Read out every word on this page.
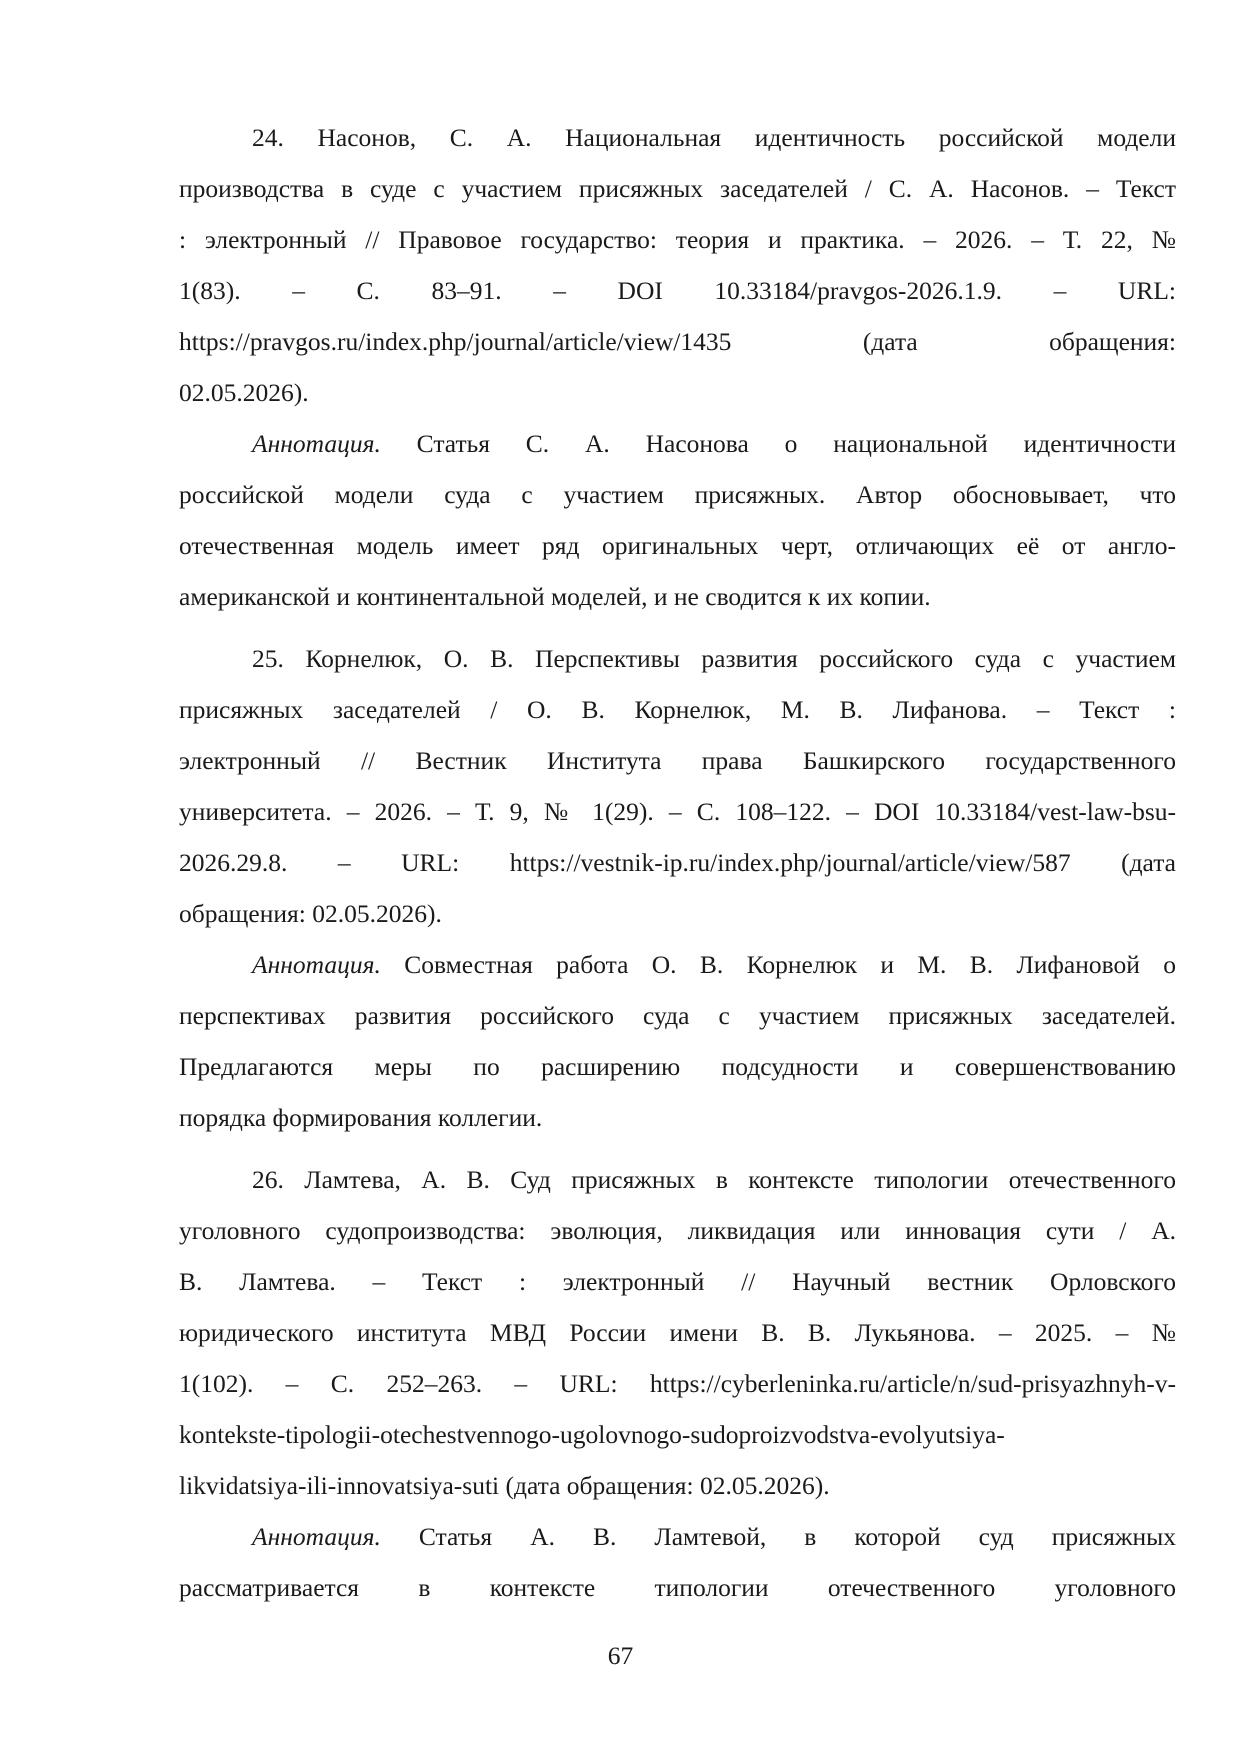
24. Насонов, С. А. Национальная идентичность российской модели
производства в суде с участием присяжных заседателей / С. А. Насонов. – Текст
: электронный // Правовое государство: теория и практика. – 2026. – Т. 22, №
1(83). – С. 83–91. – DOI 10.33184/pravgos-2026.1.9. – URL:
https://pravgos.ru/index.php/journal/article/view/1435 (дата обращения:
02.05.2026).

Аннотация. Статья С. А. Насонова о национальной идентичности
российской модели суда с участием присяжных. Автор обосновывает, что
отечественная модель имеет ряд оригинальных черт, отличающих её от англо-
американской и континентальной моделей, и не сводится к их копии.

25. Корнелюк, О. В. Перспективы развития российского суда с участием
присяжных заседателей / О. В. Корнелюк, М. В. Лифанова. – Текст :
электронный // Вестник Института права Башкирского государственного
университета. – 2026. – Т. 9, № 1(29). – С. 108–122. – DOI 10.33184/vest-law-bsu-
2026.29.8. – URL: https://vestnik-ip.ru/index.php/journal/article/view/587 (дата
обращения: 02.05.2026).

Аннотация. Совместная работа О. В. Корнелюк и М. В. Лифановой о
перспективах развития российского суда с участием присяжных заседателей.
Предлагаются меры по расширению подсудности и совершенствованию
порядка формирования коллегии.

26. Ламтева, А. В. Суд присяжных в контексте типологии отечественного
уголовного судопроизводства: эволюция, ликвидация или инновация сути / А.
В. Ламтева. – Текст : электронный // Научный вестник Орловского
юридического института МВД России имени В. В. Лукьянова. – 2025. – №
1(102). – С. 252–263. – URL: https://cyberleninka.ru/article/n/sud-prisyazhnyh-v-
kontekste-tipologii-otechestvennogo-ugolovnogo-sudoproizvodstva-evolyutsiya-
likvidatsiya-ili-innovatsiya-suti (дата обращения: 02.05.2026).

Аннотация. Статья А. В. Ламтевой, в которой суд присяжных
рассматривается в контексте типологии отечественного уголовного

67
